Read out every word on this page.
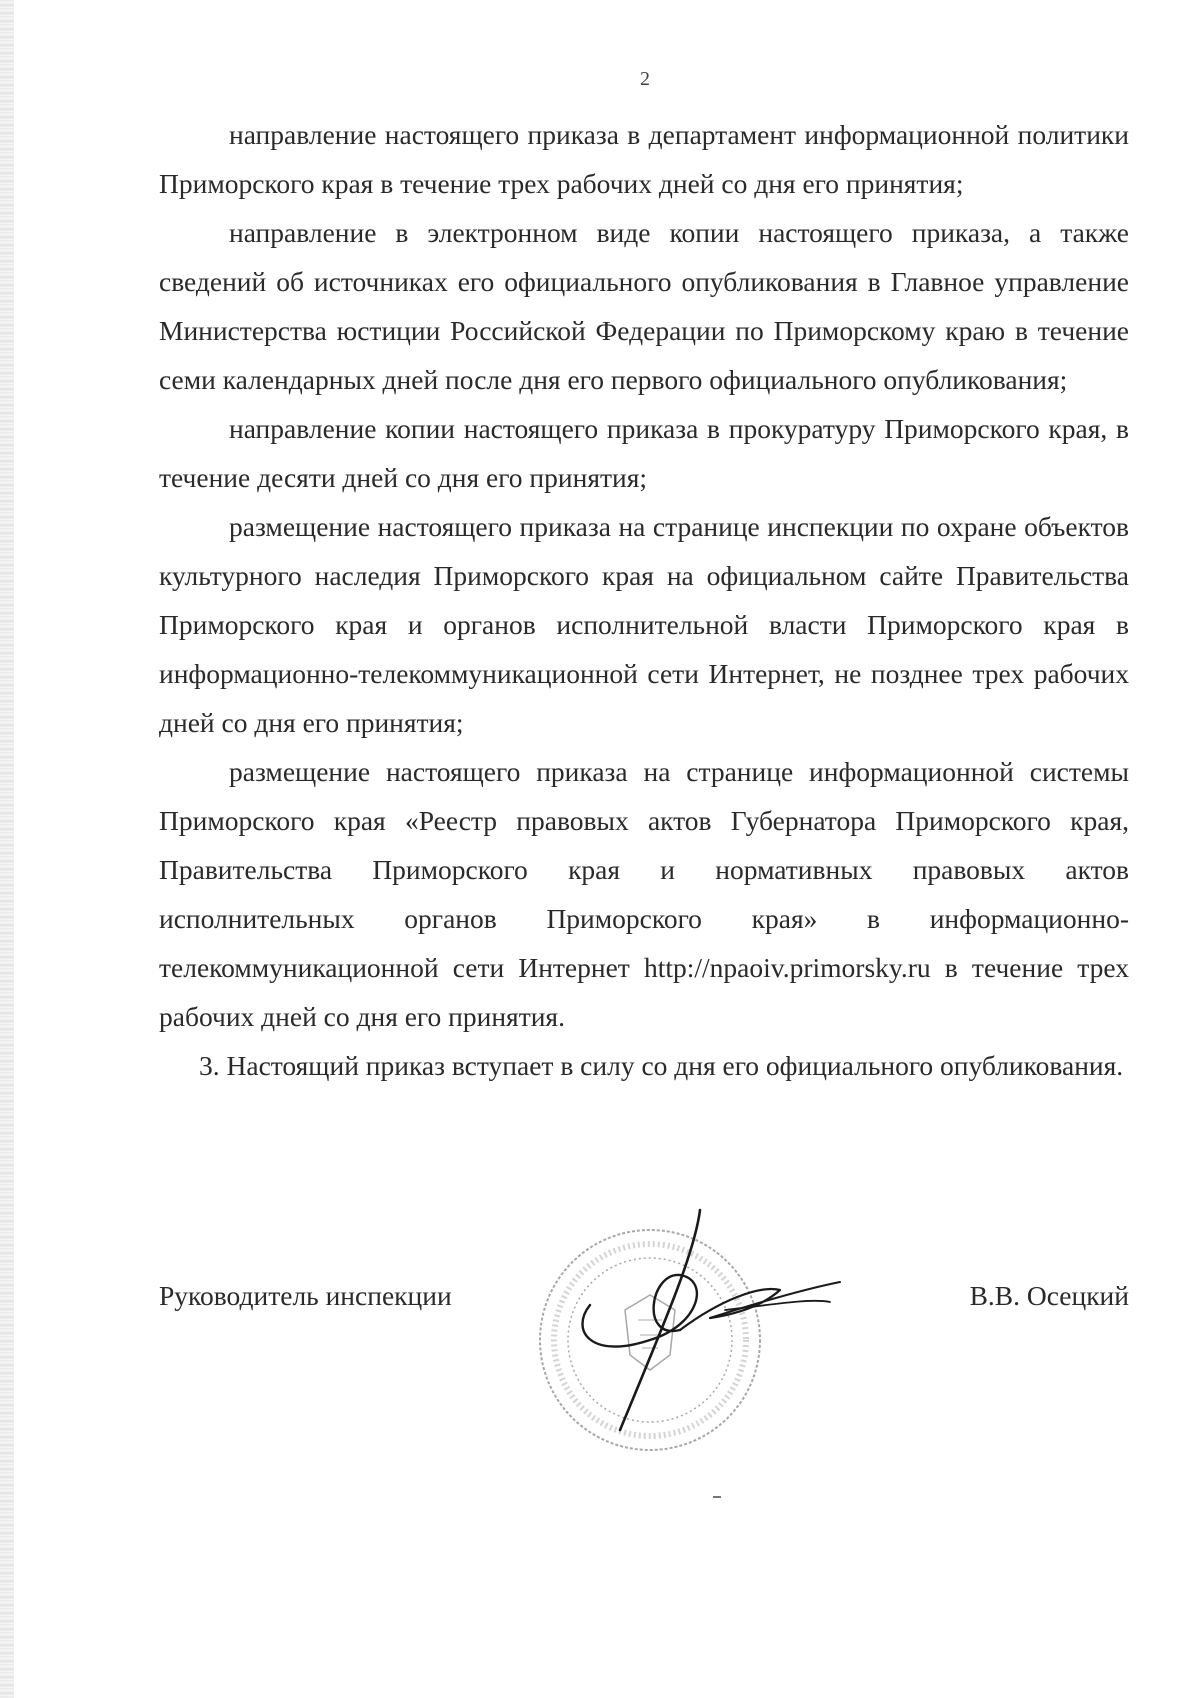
2

направление настоящего приказа в департамент информационной политики Приморского края в течение трех рабочих дней со дня его принятия;

направление в электронном виде копии настоящего приказа, а также сведений об источниках его официального опубликования в Главное управление Министерства юстиции Российской Федерации по Приморскому краю в течение семи календарных дней после дня его первого официального опубликования;

направление копии настоящего приказа в прокуратуру Приморского края, в течение десяти дней со дня его принятия;

размещение настоящего приказа на странице инспекции по охране объектов культурного наследия Приморского края на официальном сайте Правительства Приморского края и органов исполнительной власти Приморского края в информационно-телекоммуникационной сети Интернет, не позднее трех рабочих дней со дня его принятия;

размещение настоящего приказа на странице информационной системы Приморского края «Реестр правовых актов Губернатора Приморского края, Правительства Приморского края и нормативных правовых актов исполнительных органов Приморского края» в информационно-телекоммуникационной сети Интернет http://npaoiv.primorsky.ru в течение трех рабочих дней со дня его принятия.

3. Настоящий приказ вступает в силу со дня его официального опубликования.

Руководитель инспекции	В.В. Осецкий
